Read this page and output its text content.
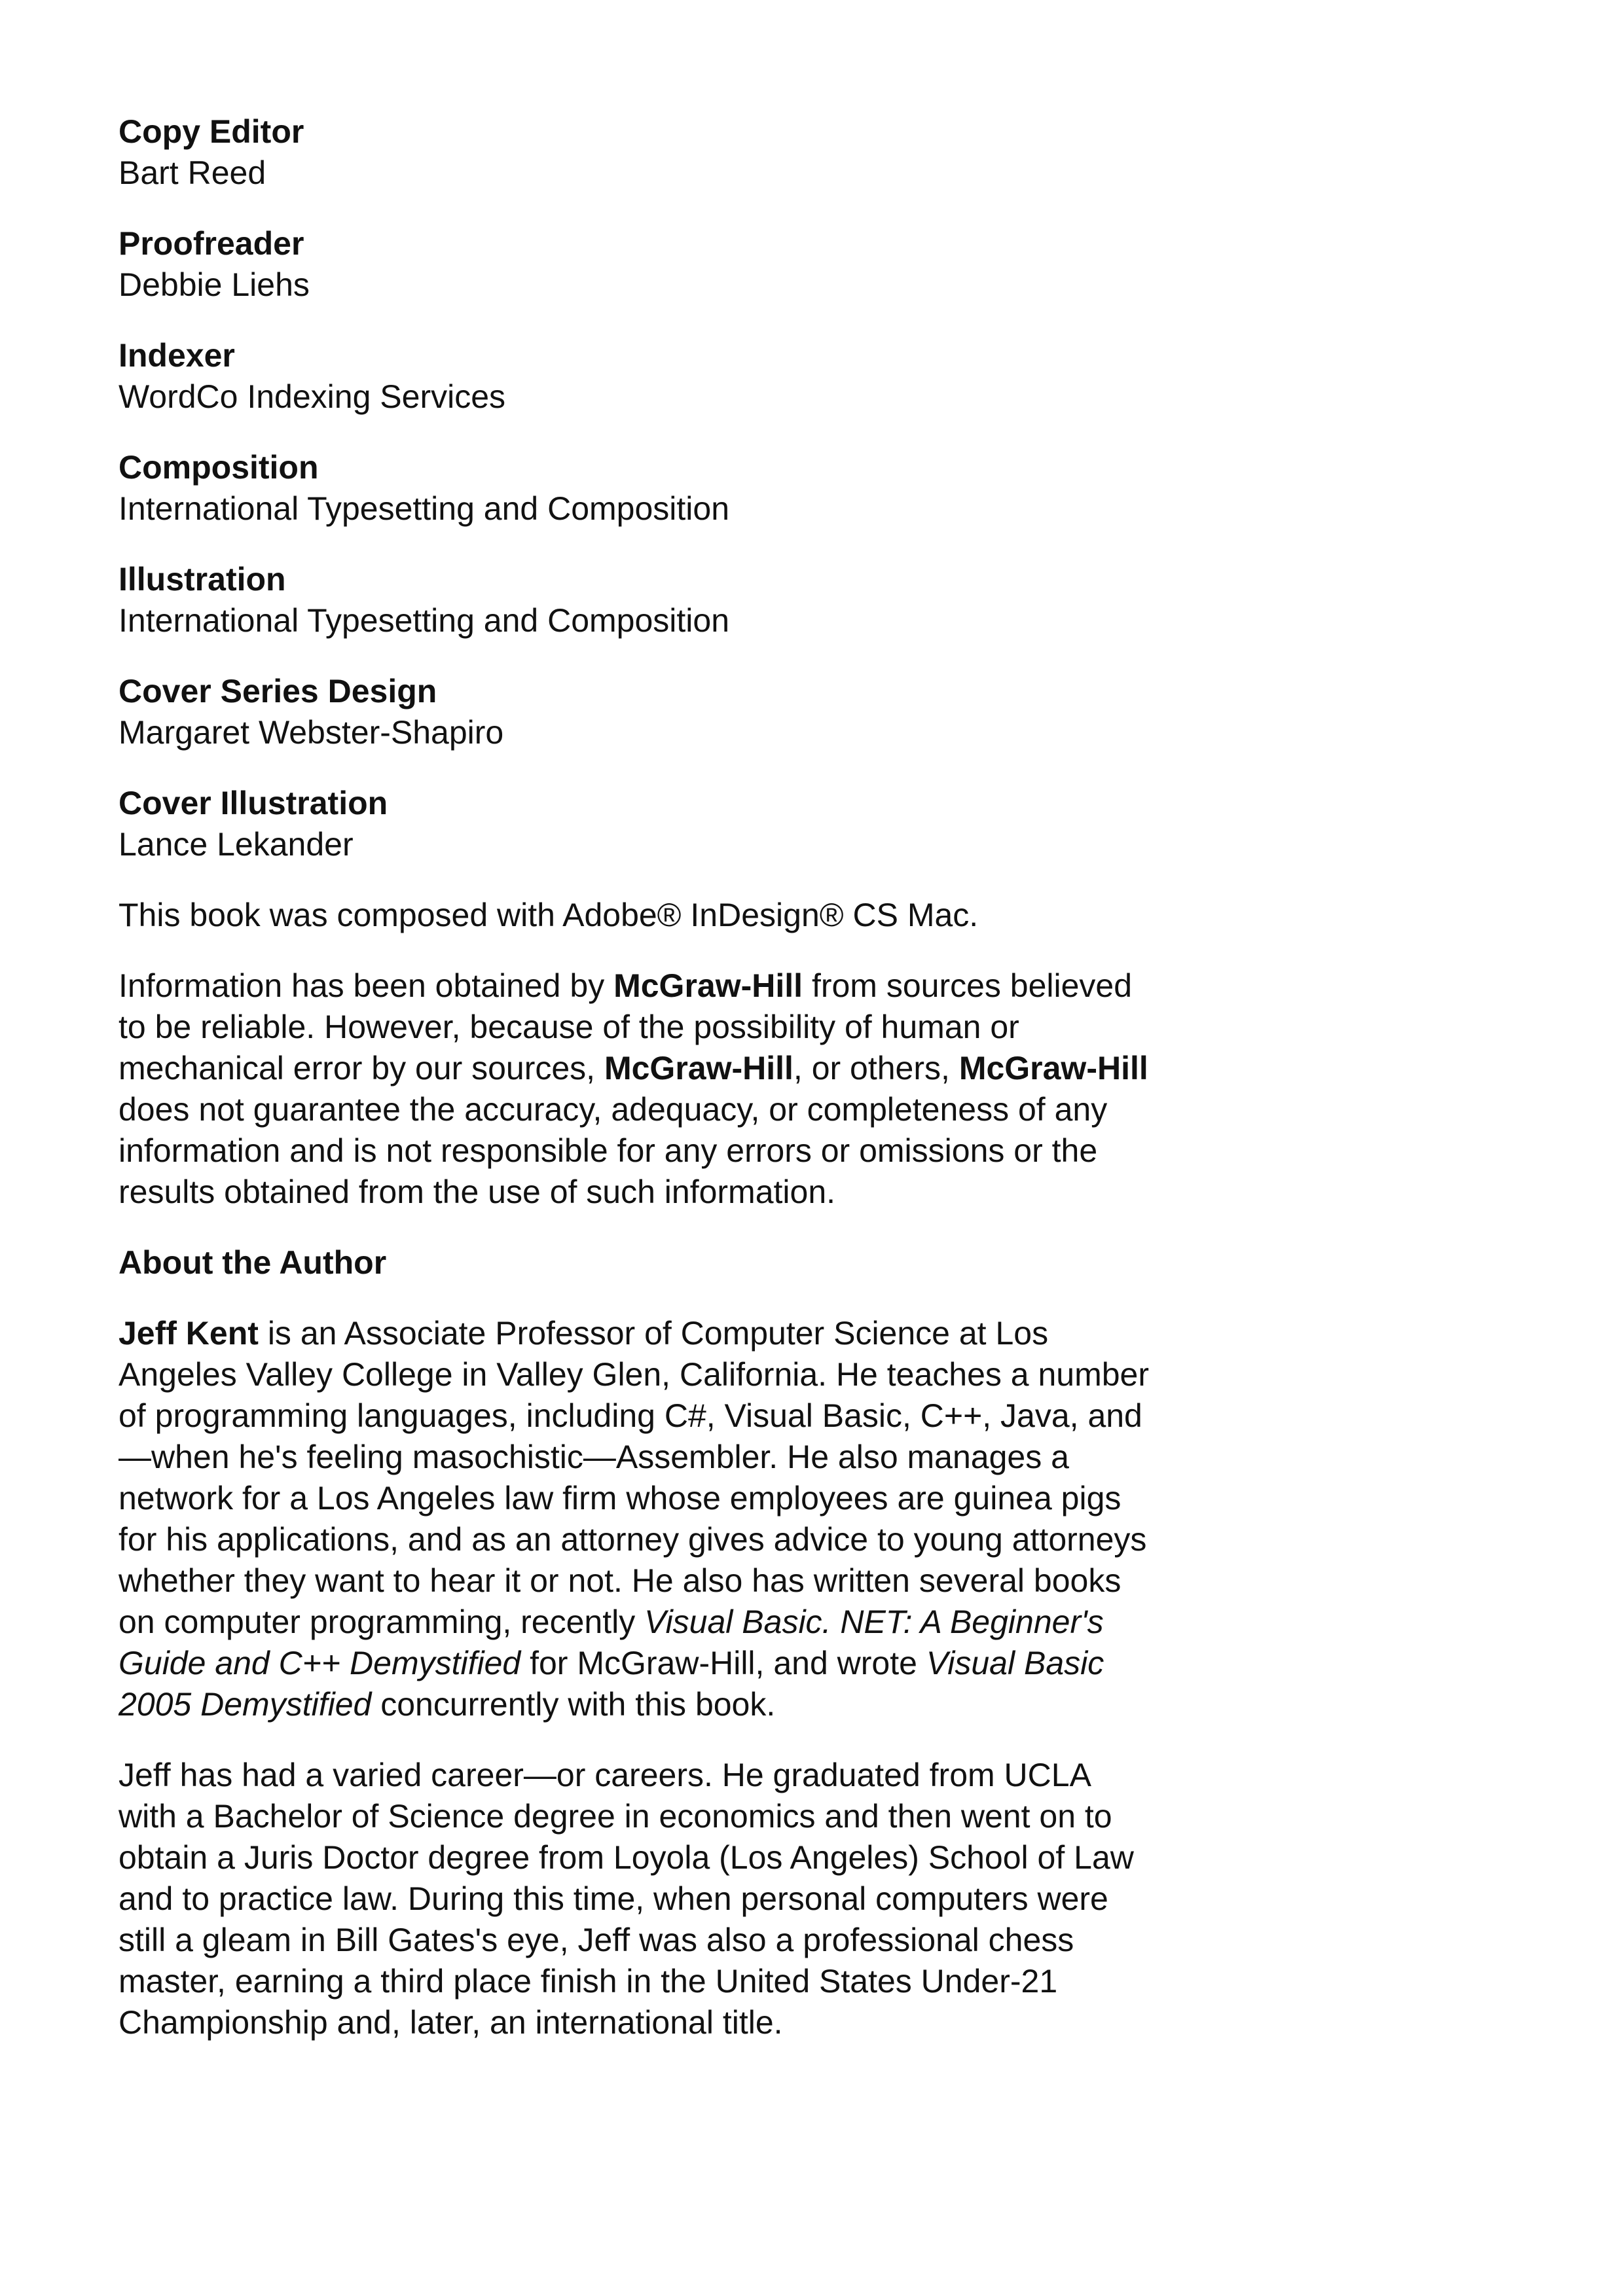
Copy Editor
Bart Reed
Proofreader
Debbie Liehs
Indexer
WordCo Indexing Services
Composition
International Typesetting and Composition
Illustration
International Typesetting and Composition
Cover Series Design
Margaret Webster-Shapiro
Cover Illustration
Lance Lekander

This book was composed with Adobe® InDesign® CS Mac.

Information has been obtained by McGraw-Hill from sources believed to be reliable. However, because of the possibility of human or mechanical error by our sources, McGraw-Hill, or others, McGraw-Hill does not guarantee the accuracy, adequacy, or completeness of any information and is not responsible for any errors or omissions or the results obtained from the use of such information.

About the Author

Jeff Kent is an Associate Professor of Computer Science at Los Angeles Valley College in Valley Glen, California. He teaches a number of programming languages, including C#, Visual Basic, C++, Java, and—when he's feeling masochistic—Assembler. He also manages a network for a Los Angeles law firm whose employees are guinea pigs for his applications, and as an attorney gives advice to young attorneys whether they want to hear it or not. He also has written several books on computer programming, recently Visual Basic. NET: A Beginner's Guide and C++ Demystified for McGraw-Hill, and wrote Visual Basic 2005 Demystified concurrently with this book.

Jeff has had a varied career—or careers. He graduated from UCLA with a Bachelor of Science degree in economics and then went on to obtain a Juris Doctor degree from Loyola (Los Angeles) School of Law and to practice law. During this time, when personal computers were still a gleam in Bill Gates's eye, Jeff was also a professional chess master, earning a third place finish in the United States Under-21 Championship and, later, an international title.
